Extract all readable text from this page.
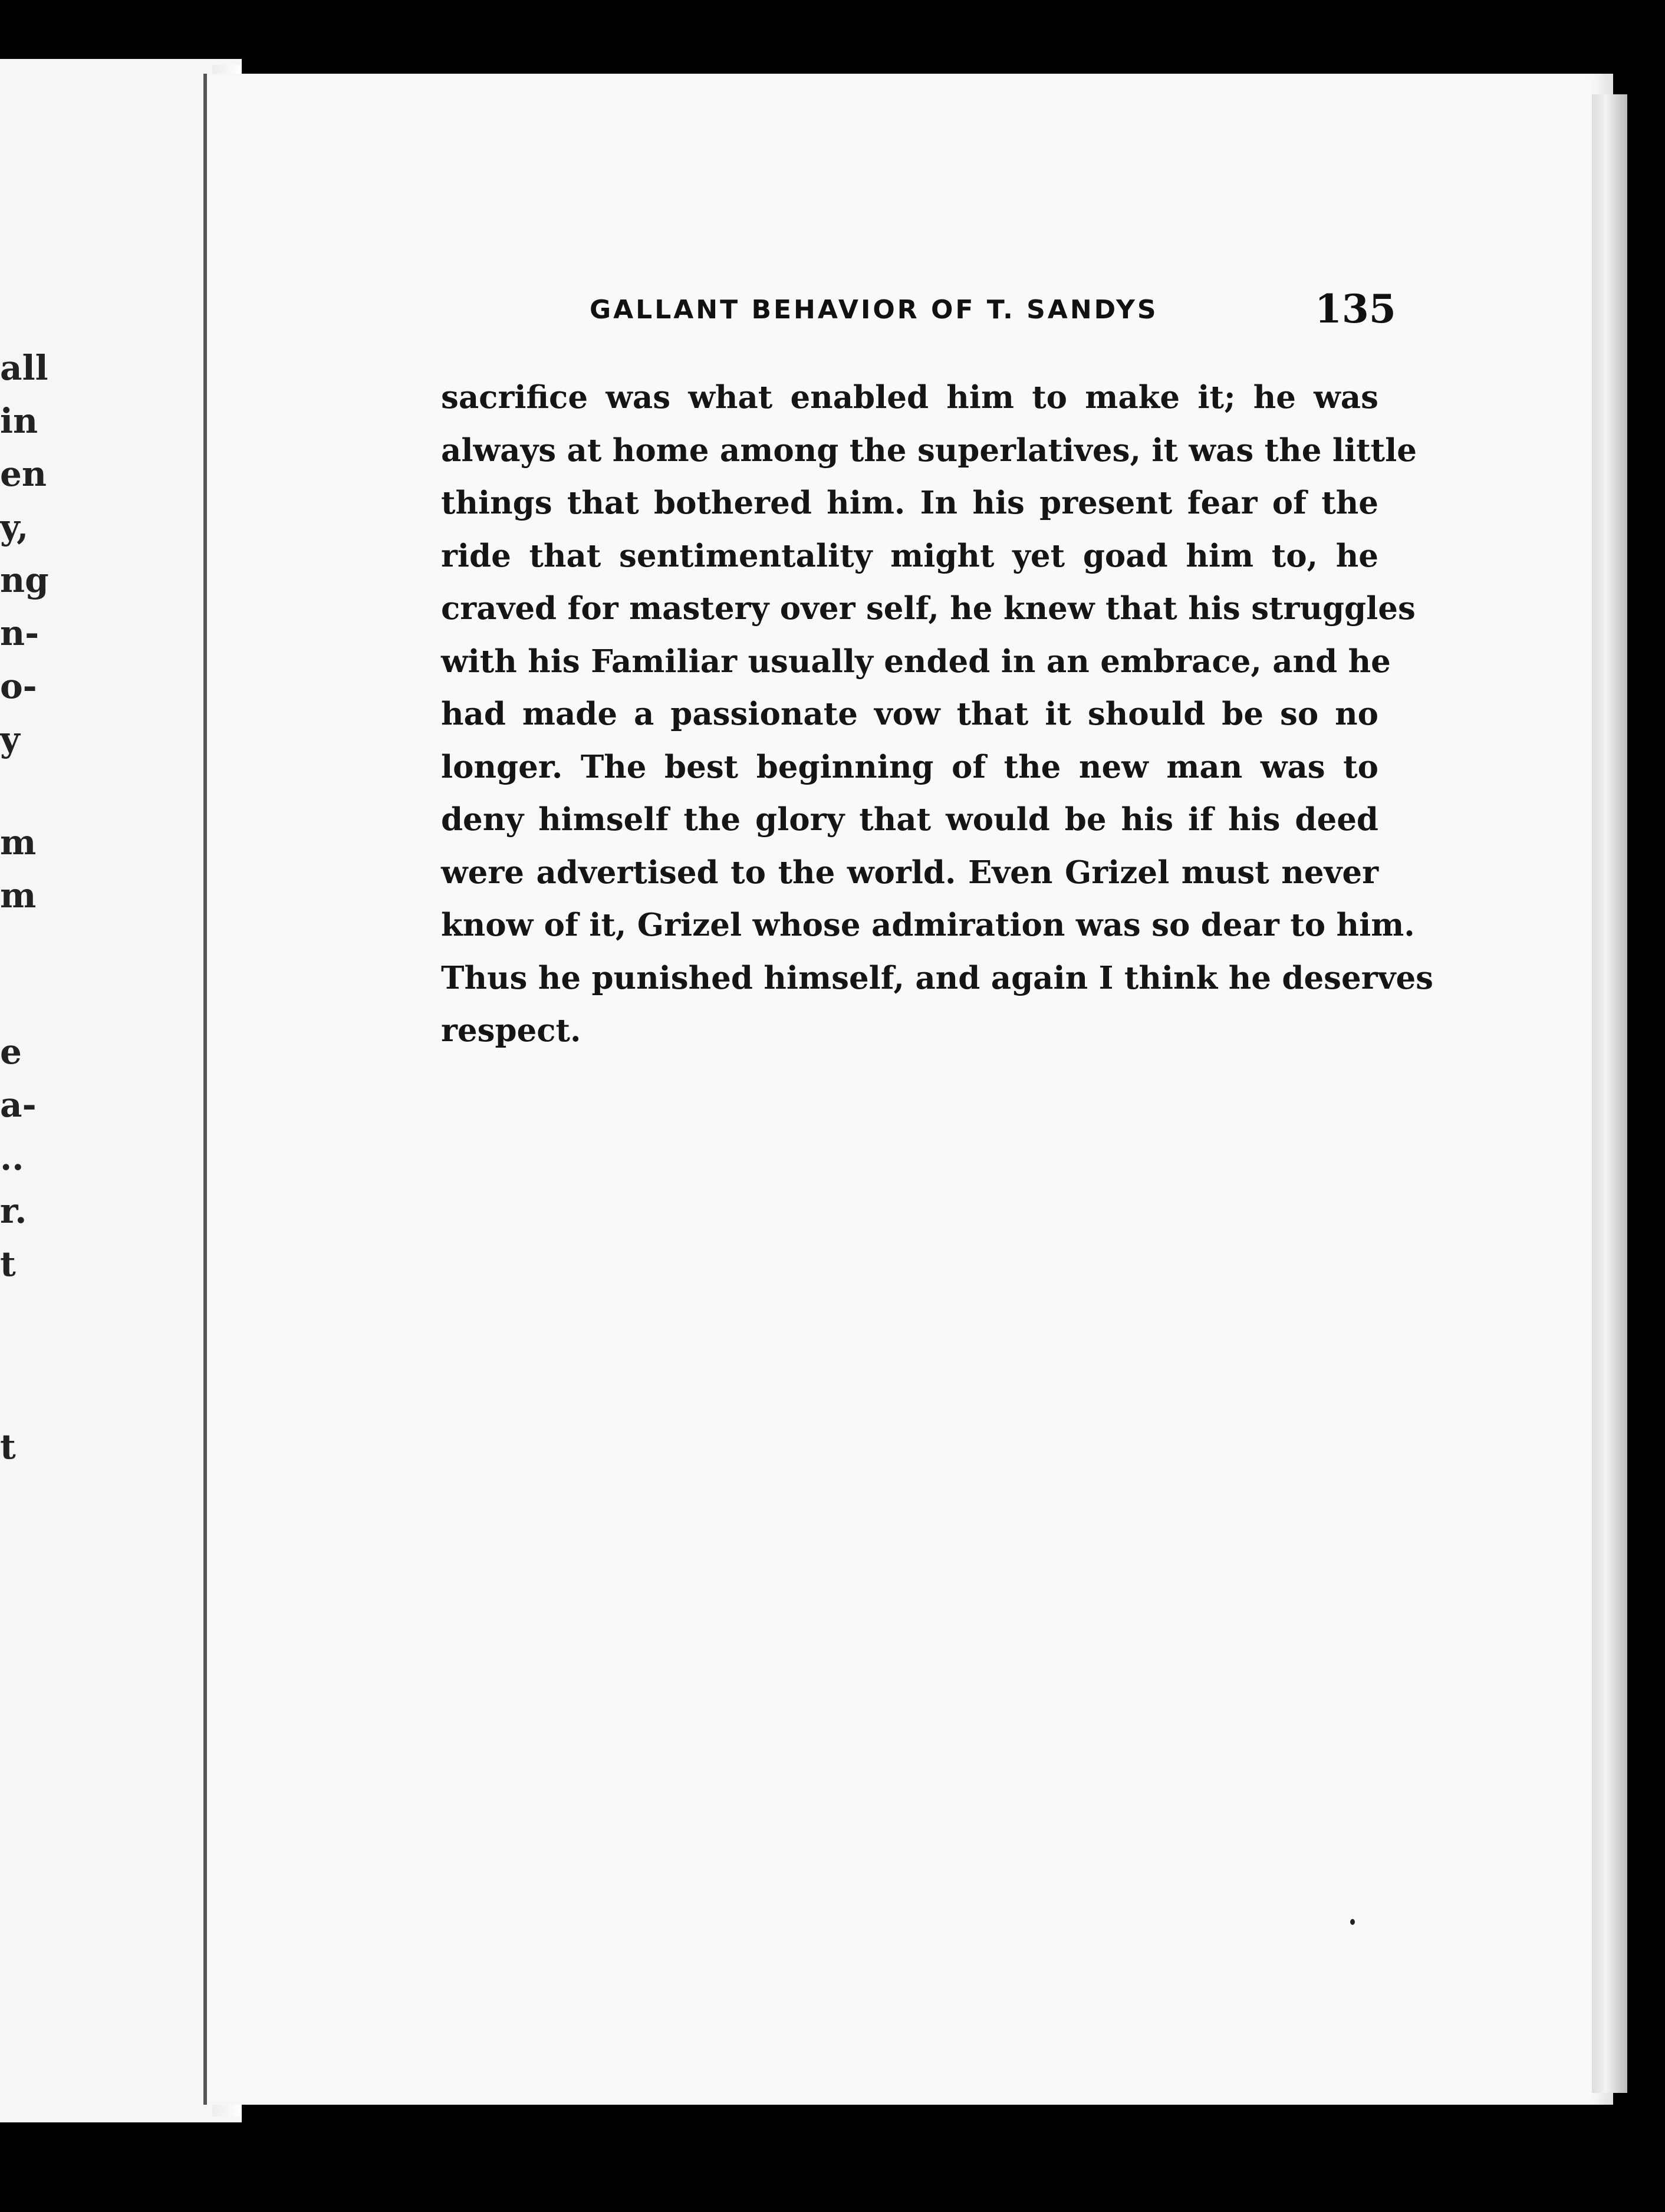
all
in
en
y,
ng
n-
o-
y
m
m
e
a-
..
r.
t
t
GALLANT BEHAVIOR OF T. SANDYS	135
sacrifice was what enabled him to make it; he was
always at home among the superlatives, it was the little
things that bothered him. In his present fear of the
ride that sentimentality might yet goad him to, he
craved for mastery over self, he knew that his struggles
with his Familiar usually ended in an embrace, and he
had made a passionate vow that it should be so no
longer. The best beginning of the new man was to
deny himself the glory that would be his if his deed
were advertised to the world. Even Grizel must never
know of it, Grizel whose admiration was so dear to him.
Thus he punished himself, and again I think he deserves
respect.
